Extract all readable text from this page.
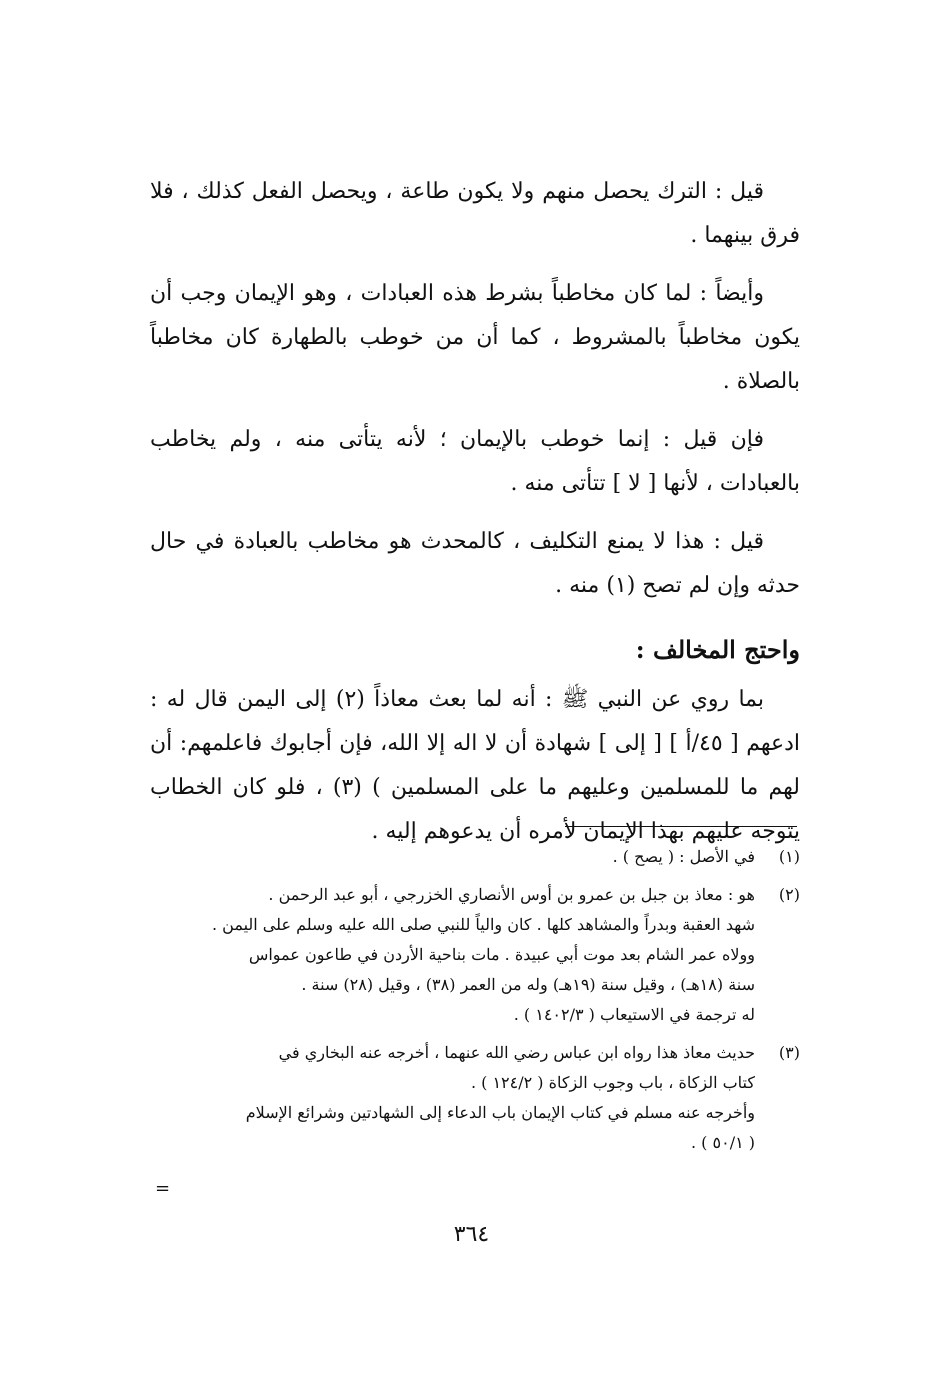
قيل : الترك يحصل منهم ولا يكون طاعة ، ويحصل الفعل كذلك ، فلا فرق بينهما .

وأيضاً : لما كان مخاطباً بشرط هذه العبادات ، وهو الإيمان وجب أن يكون مخاطباً بالمشروط ، كما أن من خوطب بالطهارة كان مخاطباً بالصلاة .

فإن قيل : إنما خوطب بالإيمان ؛ لأنه يتأتى منه ، ولم يخاطب بالعبادات ، لأنها [ لا ] تتأتى منه .

قيل : هذا لا يمنع التكليف ، كالمحدث هو مخاطب بالعبادة في حال حدثه وإن لم تصح (١) منه .

واحتج المخالف :

بما روي عن النبي ﷺ : أنه لما بعث معاذاً (٢) إلى اليمن قال له : ادعهم [ ٤٥/أ ] [ إلى ] شهادة أن لا اله إلا الله، فإن أجابوك فاعلمهم: أن لهم ما للمسلمين وعليهم ما على المسلمين ) (٣) ، فلو كان الخطاب يتوجه عليهم بهذا الإيمان لأمره أن يدعوهم إليه .

(١)
في الأصل : ( يصح ) .
(٢)
هو : معاذ بن جبل بن عمرو بن أوس الأنصاري الخزرجي ، أبو عبد الرحمن .
شهد العقبة وبدراً والمشاهد كلها . كان والياً للنبي صلى الله عليه وسلم على اليمن .
وولاه عمر الشام بعد موت أبي عبيدة . مات بناحية الأردن في طاعون عمواس
سنة (١٨هـ) ، وقيل سنة (١٩هـ) وله من العمر (٣٨) ، وقيل (٢٨) سنة .
له ترجمة في الاستيعاب ( ١٤٠٢/٣ ) .
(٣)
حديث معاذ هذا رواه ابن عباس رضي الله عنهما ، أخرجه عنه البخاري في
كتاب الزكاة ، باب وجوب الزكاة ( ١٢٤/٢ ) .
وأخرجه عنه مسلم في كتاب الإيمان باب الدعاء إلى الشهادتين وشرائع الإسلام
( ٥٠/١ ) .
=
٣٦٤
